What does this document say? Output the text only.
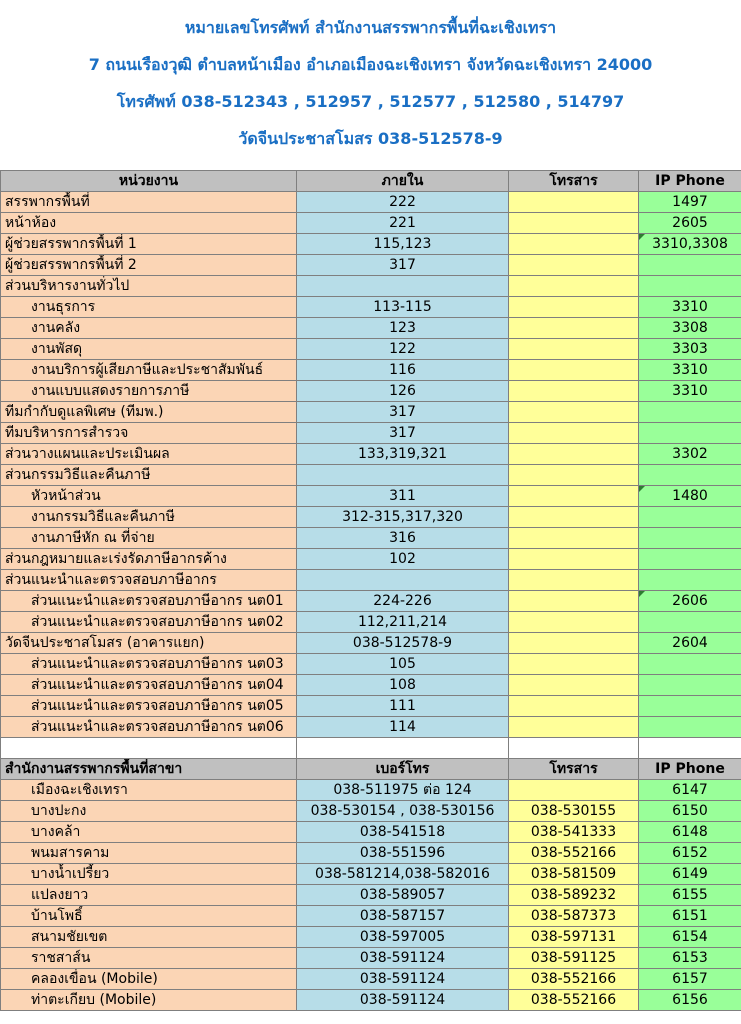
หมายเลขโทรศัพท์ สำนักงานสรรพากรพื้นที่ฉะเชิงเทรา
7 ถนนเรืองวุฒิ ตำบลหน้าเมือง อำเภอเมืองฉะเชิงเทรา จังหวัดฉะเชิงเทรา 24000
โทรศัพท์ 038-512343 , 512957 , 512577 , 512580 , 514797
วัดจีนประชาสโมสร 038-512578-9
หน่วยงาน	ภายใน	โทรสาร	IP Phone
สรรพากรพื้นที่	222		1497
หน้าห้อง	221		2605
ผู้ช่วยสรรพากรพื้นที่ 1	115,123		3310,3308
ผู้ช่วยสรรพากรพื้นที่ 2	317		
ส่วนบริหารงานทั่วไป			
งานธุรการ	113-115		3310
งานคลัง	123		3308
งานพัสดุ	122		3303
งานบริการผู้เสียภาษีและประชาสัมพันธ์	116		3310
งานแบบแสดงรายการภาษี	126		3310
ทีมกำกับดูแลพิเศษ (ทีมพ.)	317		
ทีมบริหารการสำรวจ	317		
ส่วนวางแผนและประเมินผล	133,319,321		3302
ส่วนกรรมวิธีและคืนภาษี			
หัวหน้าส่วน	311		1480
งานกรรมวิธีและคืนภาษี	312-315,317,320		
งานภาษีหัก ณ ที่จ่าย	316		
ส่วนกฎหมายและเร่งรัดภาษีอากรค้าง	102		
ส่วนแนะนำและตรวจสอบภาษีอากร			
ส่วนแนะนำและตรวจสอบภาษีอากร นต01	224-226		2606
ส่วนแนะนำและตรวจสอบภาษีอากร นต02	112,211,214		
วัดจีนประชาสโมสร (อาคารแยก)	038-512578-9		2604
ส่วนแนะนำและตรวจสอบภาษีอากร นต03	105		
ส่วนแนะนำและตรวจสอบภาษีอากร นต04	108		
ส่วนแนะนำและตรวจสอบภาษีอากร นต05	111		
ส่วนแนะนำและตรวจสอบภาษีอากร นต06	114		

สำนักงานสรรพากรพื้นที่สาขา	เบอร์โทร	โทรสาร	IP Phone
เมืองฉะเชิงเทรา	038-511975 ต่อ 124		6147
บางปะกง	038-530154 , 038-530156	038-530155	6150
บางคล้า	038-541518	038-541333	6148
พนมสารคาม	038-551596	038-552166	6152
บางน้ำเปรี้ยว	038-581214,038-582016	038-581509	6149
แปลงยาว	038-589057	038-589232	6155
บ้านโพธิ์	038-587157	038-587373	6151
สนามชัยเขต	038-597005	038-597131	6154
ราชสาส์น	038-591124	038-591125	6153
คลองเขื่อน (Mobile)	038-591124	038-552166	6157
ท่าตะเกียบ (Mobile)	038-591124	038-552166	6156
